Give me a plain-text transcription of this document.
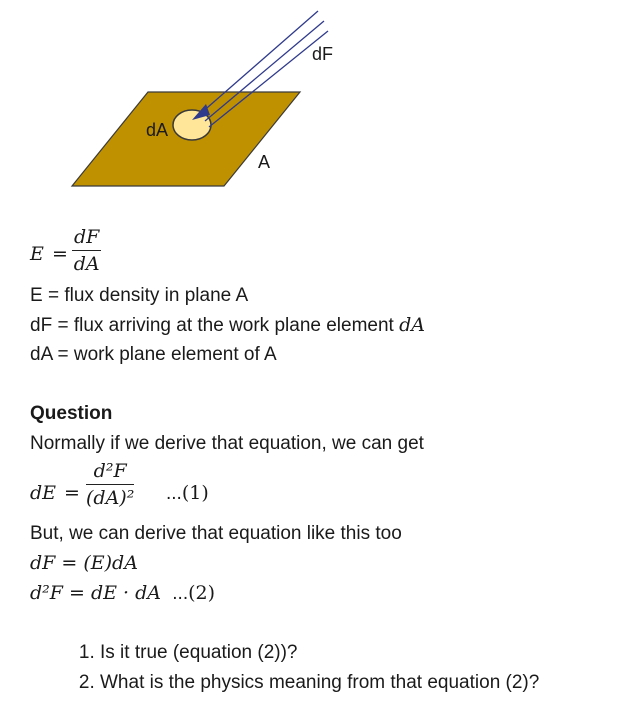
dF
dA
A
$E = \frac{dF}{dA}$
E = flux density in plane A
dF = flux arriving at the work plane element dA
dA = work plane element of A
Question
Normally if we derive that equation, we can get
dE = $\frac{\text{d²F}}{\text{(dA)²}} ...(1)$
But, we can derive that equation like this too
dF = (E)dA
d²F = dE · dA ...(2)
1. Is it true (equation (2))?
2. What is the physics meaning from that equation (2)?
